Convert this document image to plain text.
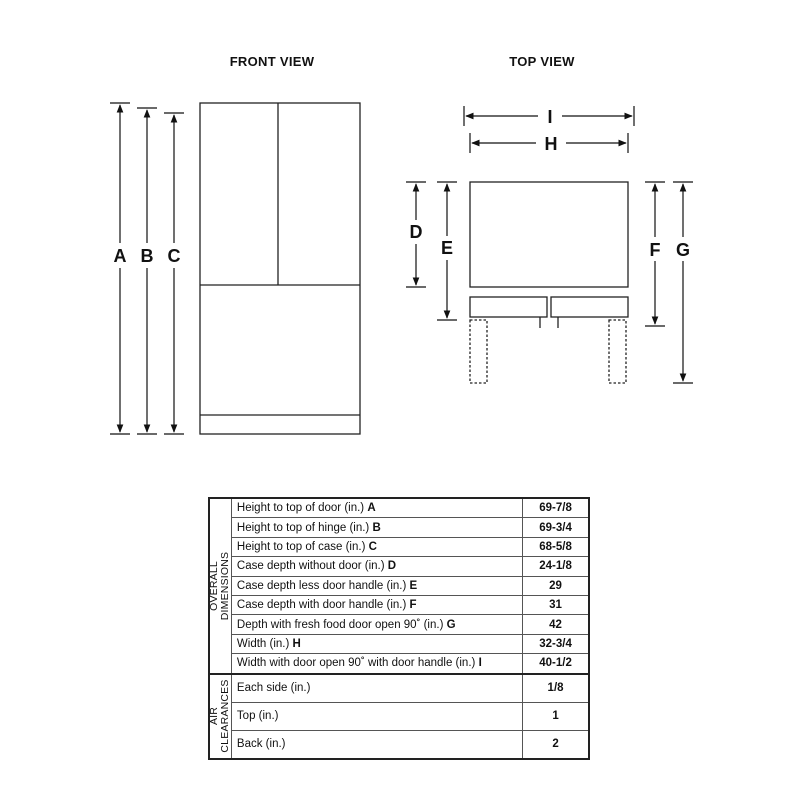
FRONT VIEW	TOP VIEW
A B C
I
H
D
E	F G
OVERALL DIMENSIONS	Height to top of door (in.) A	69-7/8
	Height to top of hinge (in.) B	69-3/4
	Height to top of case (in.) C	68-5/8
	Case depth without door (in.) D	24-1/8
	Case depth less door handle (in.) E	29
	Case depth with door handle (in.) F	31
	Depth with fresh food door open 90˚ (in.) G	42
	Width (in.) H	32-3/4
	Width with door open 90˚ with door handle (in.) I	40-1/2

AIR CLEARANCES	Each side (in.)	1/8
	Top (in.)	1
	Back (in.)	2
